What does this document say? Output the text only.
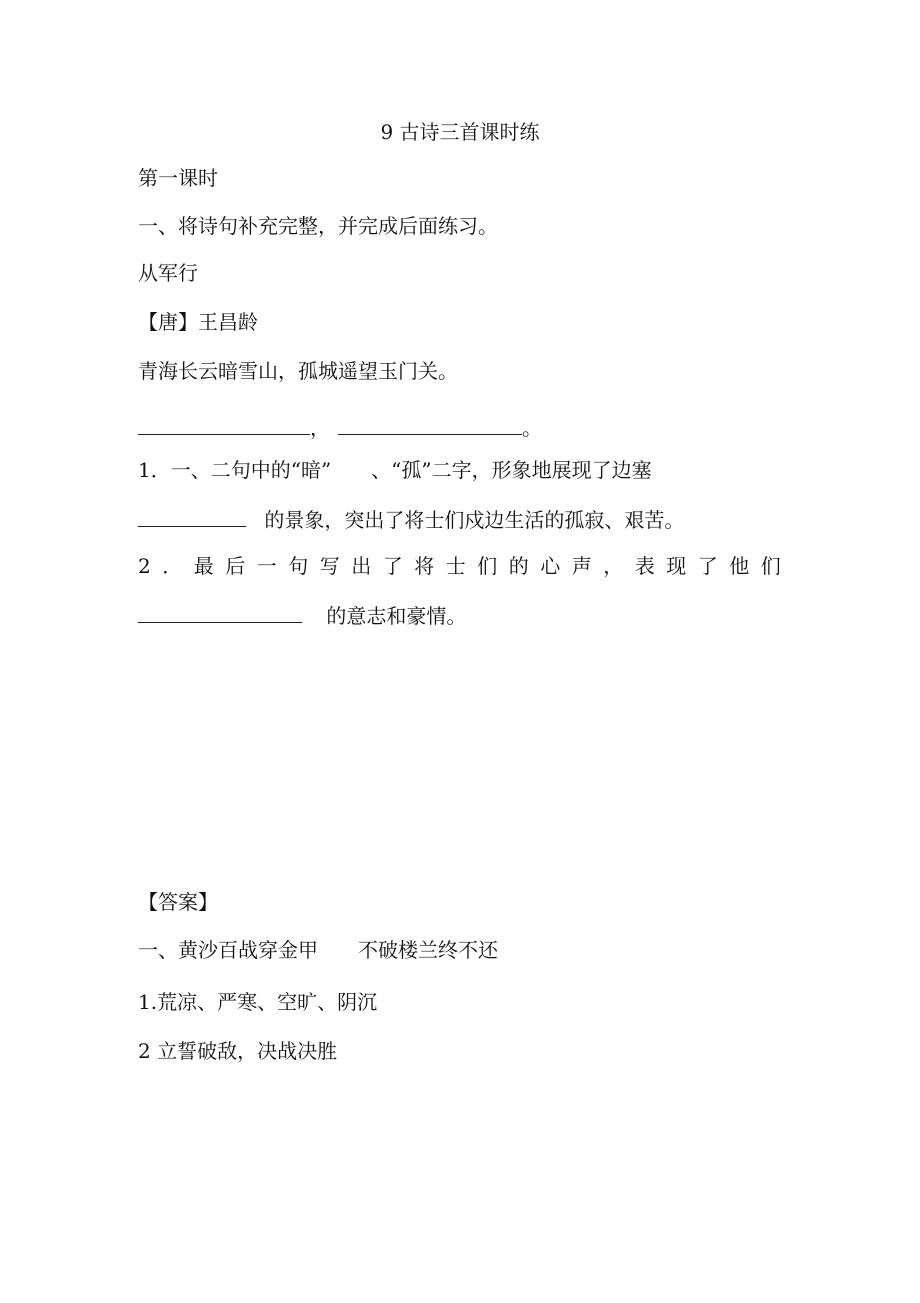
9 古诗三首课时练
第一课时
一、将诗句补充完整，并完成后面练习。
从军行
【唐】王昌龄
青海长云暗雪山，孤城遥望玉门关。
，	。
1．一、二句中的“暗”　　、“孤”二字，形象地展现了边塞
的景象，突出了将士们戍边生活的孤寂、艰苦。
2．最后一句写出了将士们的心声，表现了他们
的意志和豪情。
【答案】
一、黄沙百战穿金甲　　不破楼兰终不还
1.荒凉、严寒、空旷、阴沉
2 立誓破敌，决战决胜
